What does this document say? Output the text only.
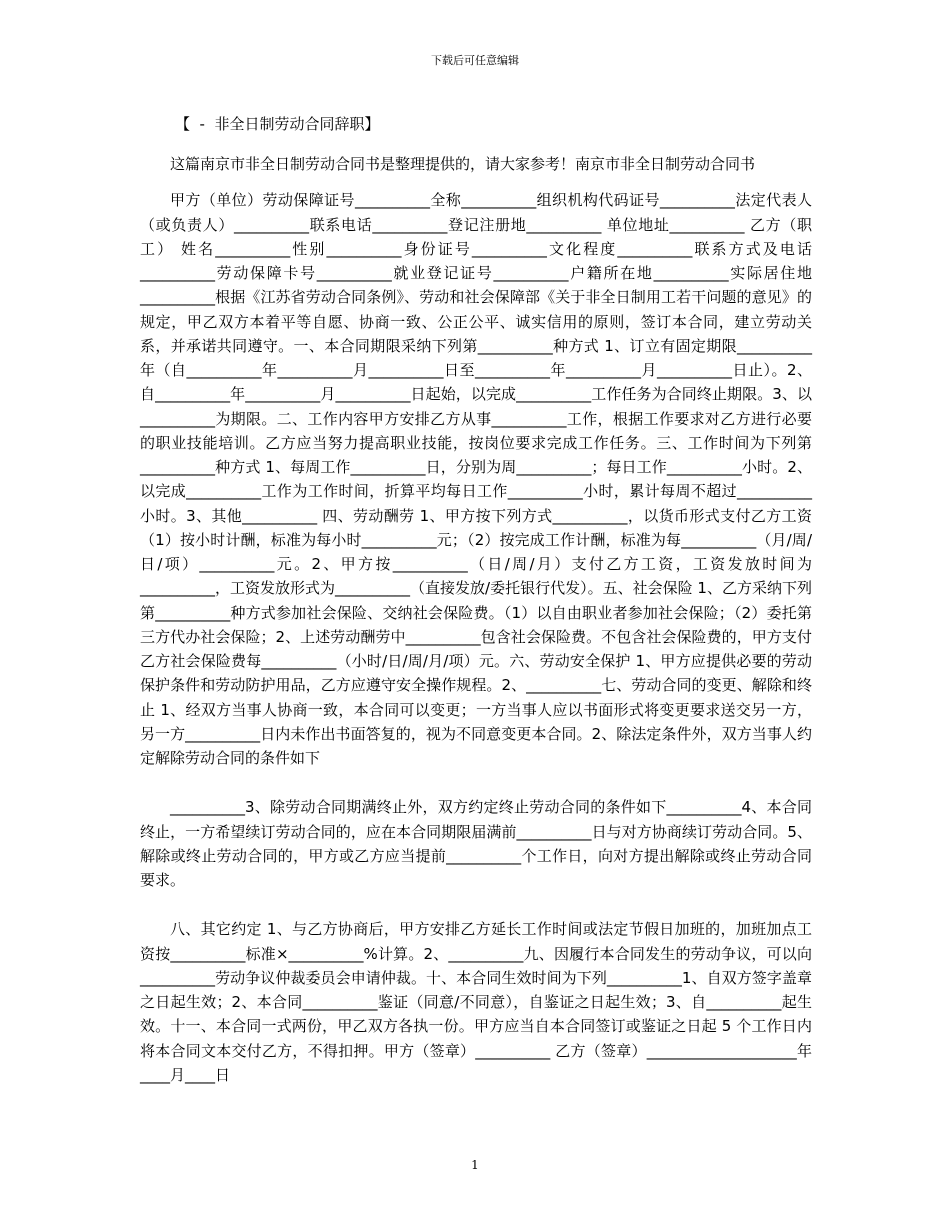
下载后可任意编辑
【  -  非全日制劳动合同辞职】

这篇南京市非全日制劳动合同书是整理提供的，请大家参考！南京市非全日制劳动合同书

甲方（单位）劳动保障证号__________全称__________组织机构代码证号__________法定代表人（或负责人）__________联系电话__________登记注册地__________ 单位地址__________ 乙方（职工） 姓名__________性别__________身份证号__________文化程度__________联系方式及电话__________劳动保障卡号__________就业登记证号__________户籍所在地__________实际居住地__________根据《江苏省劳动合同条例》、劳动和社会保障部《关于非全日制用工若干问题的意见》的规定，甲乙双方本着平等自愿、协商一致、公正公平、诚实信用的原则，签订本合同，建立劳动关系，并承诺共同遵守。一、本合同期限采纳下列第__________种方式 1、订立有固定期限__________年（自__________年__________月__________日至__________年__________月__________日止）。2、自__________年__________月__________日起始，以完成__________工作任务为合同终止期限。3、以__________为期限。二、工作内容甲方安排乙方从事__________工作，根据工作要求对乙方进行必要的职业技能培训。乙方应当努力提高职业技能，按岗位要求完成工作任务。三、工作时间为下列第__________种方式 1、每周工作__________日，分别为周__________；每日工作__________小时。2、以完成__________工作为工作时间，折算平均每日工作__________小时，累计每周不超过__________小时。3、其他__________ 四、劳动酬劳 1、甲方按下列方式__________，以货币形式支付乙方工资（1）按小时计酬，标准为每小时__________元；（2）按完成工作计酬，标准为每__________（月/周/日/项）__________元。2、甲方按__________（日/周/月）支付乙方工资，工资发放时间为__________，工资发放形式为__________（直接发放/委托银行代发）。五、社会保险 1、乙方采纳下列第__________种方式参加社会保险、交纳社会保险费。（1）以自由职业者参加社会保险；（2）委托第三方代办社会保险；2、上述劳动酬劳中__________包含社会保险费。不包含社会保险费的，甲方支付乙方社会保险费每__________（小时/日/周/月/项）元。六、劳动安全保护 1、甲方应提供必要的劳动保护条件和劳动防护用品，乙方应遵守安全操作规程。2、__________七、劳动合同的变更、解除和终止 1、经双方当事人协商一致，本合同可以变更；一方当事人应以书面形式将变更要求送交另一方，另一方__________日内未作出书面答复的，视为不同意变更本合同。2、除法定条件外，双方当事人约定解除劳动合同的条件如下

__________3、除劳动合同期满终止外，双方约定终止劳动合同的条件如下__________4、本合同终止，一方希望续订劳动合同的，应在本合同期限届满前__________日与对方协商续订劳动合同。5、解除或终止劳动合同的，甲方或乙方应当提前__________个工作日，向对方提出解除或终止劳动合同要求。

八、其它约定 1、与乙方协商后，甲方安排乙方延长工作时间或法定节假日加班的，加班加点工资按__________标准×__________%计算。2、__________九、因履行本合同发生的劳动争议，可以向__________劳动争议仲裁委员会申请仲裁。十、本合同生效时间为下列__________1、自双方签字盖章之日起生效；2、本合同__________鉴证（同意/不同意），自鉴证之日起生效；3、自__________起生效。十一、本合同一式两份，甲乙双方各执一份。甲方应当自本合同签订或鉴证之日起 5 个工作日内将本合同文本交付乙方，不得扣押。甲方（签章）__________ 乙方（签章）____________________年____月____日

1
